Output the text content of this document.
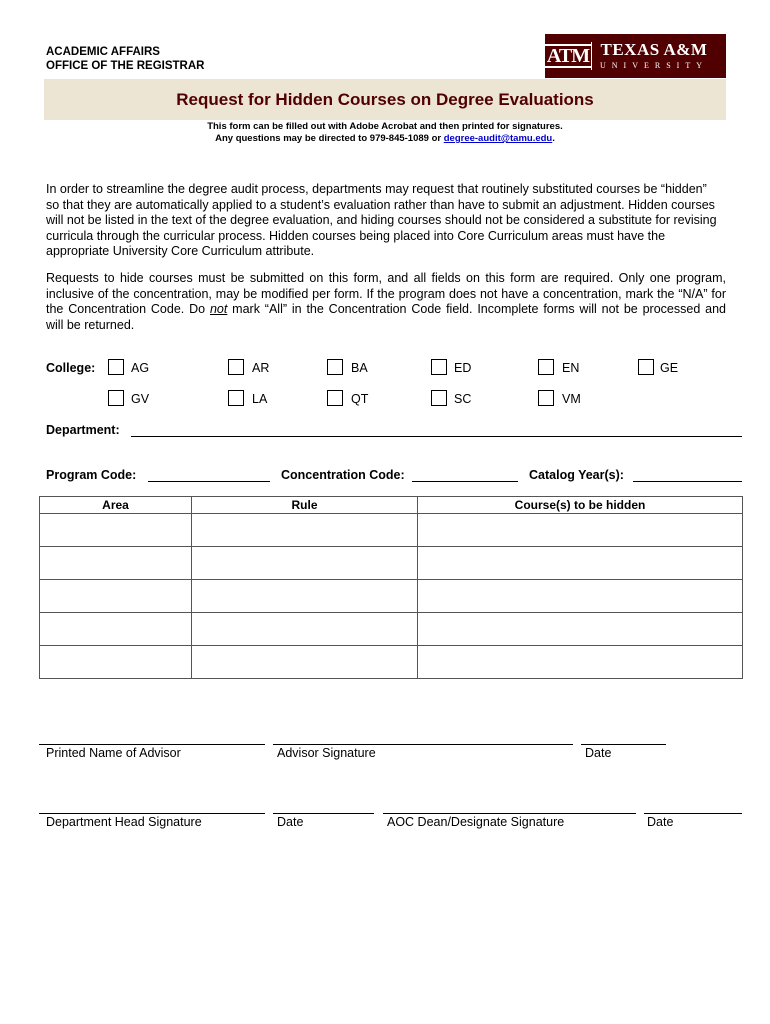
ACADEMIC AFFAIRS
OFFICE OF THE REGISTRAR	ATM TEXAS A&M
UNIVERSITY
Request for Hidden Courses on Degree Evaluations
This form can be filled out with Adobe Acrobat and then printed for signatures.
Any questions may be directed to 979-845-1089 or degree-audit@tamu.edu.
In order to streamline the degree audit process, departments may request that routinely substituted courses be “hidden”
so that they are automatically applied to a student’s evaluation rather than have to submit an adjustment. Hidden courses
will not be listed in the text of the degree evaluation, and hiding courses should not be considered a substitute for revising
curricula through the curricular process. Hidden courses being placed into Core Curriculum areas must have the
appropriate University Core Curriculum attribute.
Requests to hide courses must be submitted on this form, and all fields on this form are required. Only one program,
inclusive of the concentration, may be modified per form. If the program does not have a concentration, mark the “N/A” for
the Concentration Code. Do not mark “All” in the Concentration Code field. Incomplete forms will not be processed and
will be returned.
College:	AG	AR	BA	ED	EN	GE
GV	LA	QT	SC	VM
Department:
Program Code:	Concentration Code:	Catalog Year(s):
Area	Rule	Course(s) to be hidden

Printed Name of Advisor	Advisor Signature	Date
Department Head Signature	Date	AOC Dean/Designate Signature	Date
